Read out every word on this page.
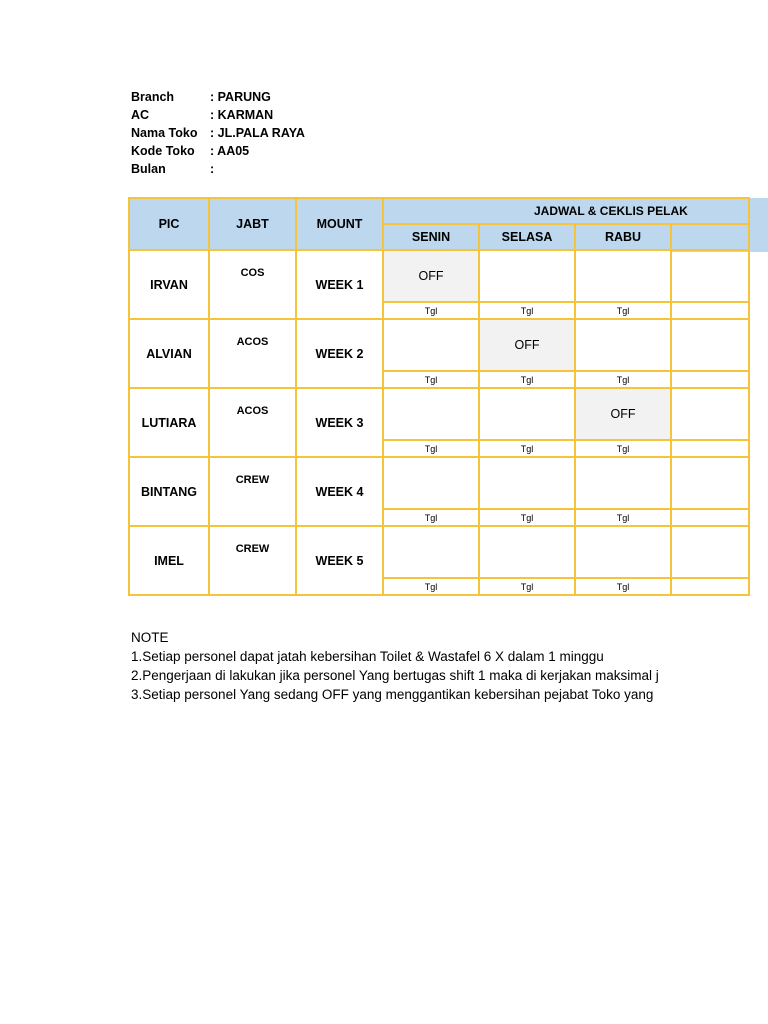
Branch	: PARUNG
AC	: KARMAN
Nama Toko	: JL.PALA RAYA
Kode Toko	: AA05
Bulan	:
PIC	JABT	MOUNT	JADWAL & CEKLIS PELAK			
			SENIN	SELASA	RABU	
IRVAN	COS	WEEK 1	OFF			
			Tgl	Tgl	Tgl	
ALVIAN	ACOS	WEEK 2		OFF		
			Tgl	Tgl	Tgl	
LUTIARA	ACOS	WEEK 3			OFF	
			Tgl	Tgl	Tgl	
BINTANG	CREW	WEEK 4				
			Tgl	Tgl	Tgl	
IMEL	CREW	WEEK 5				
			Tgl	Tgl	Tgl	
NOTE
1.Setiap personel dapat jatah kebersihan Toilet & Wastafel 6 X dalam 1 minggu
2.Pengerjaan di lakukan jika personel Yang bertugas shift 1 maka di kerjakan maksimal j
3.Setiap personel Yang sedang OFF yang menggantikan kebersihan pejabat Toko yang
